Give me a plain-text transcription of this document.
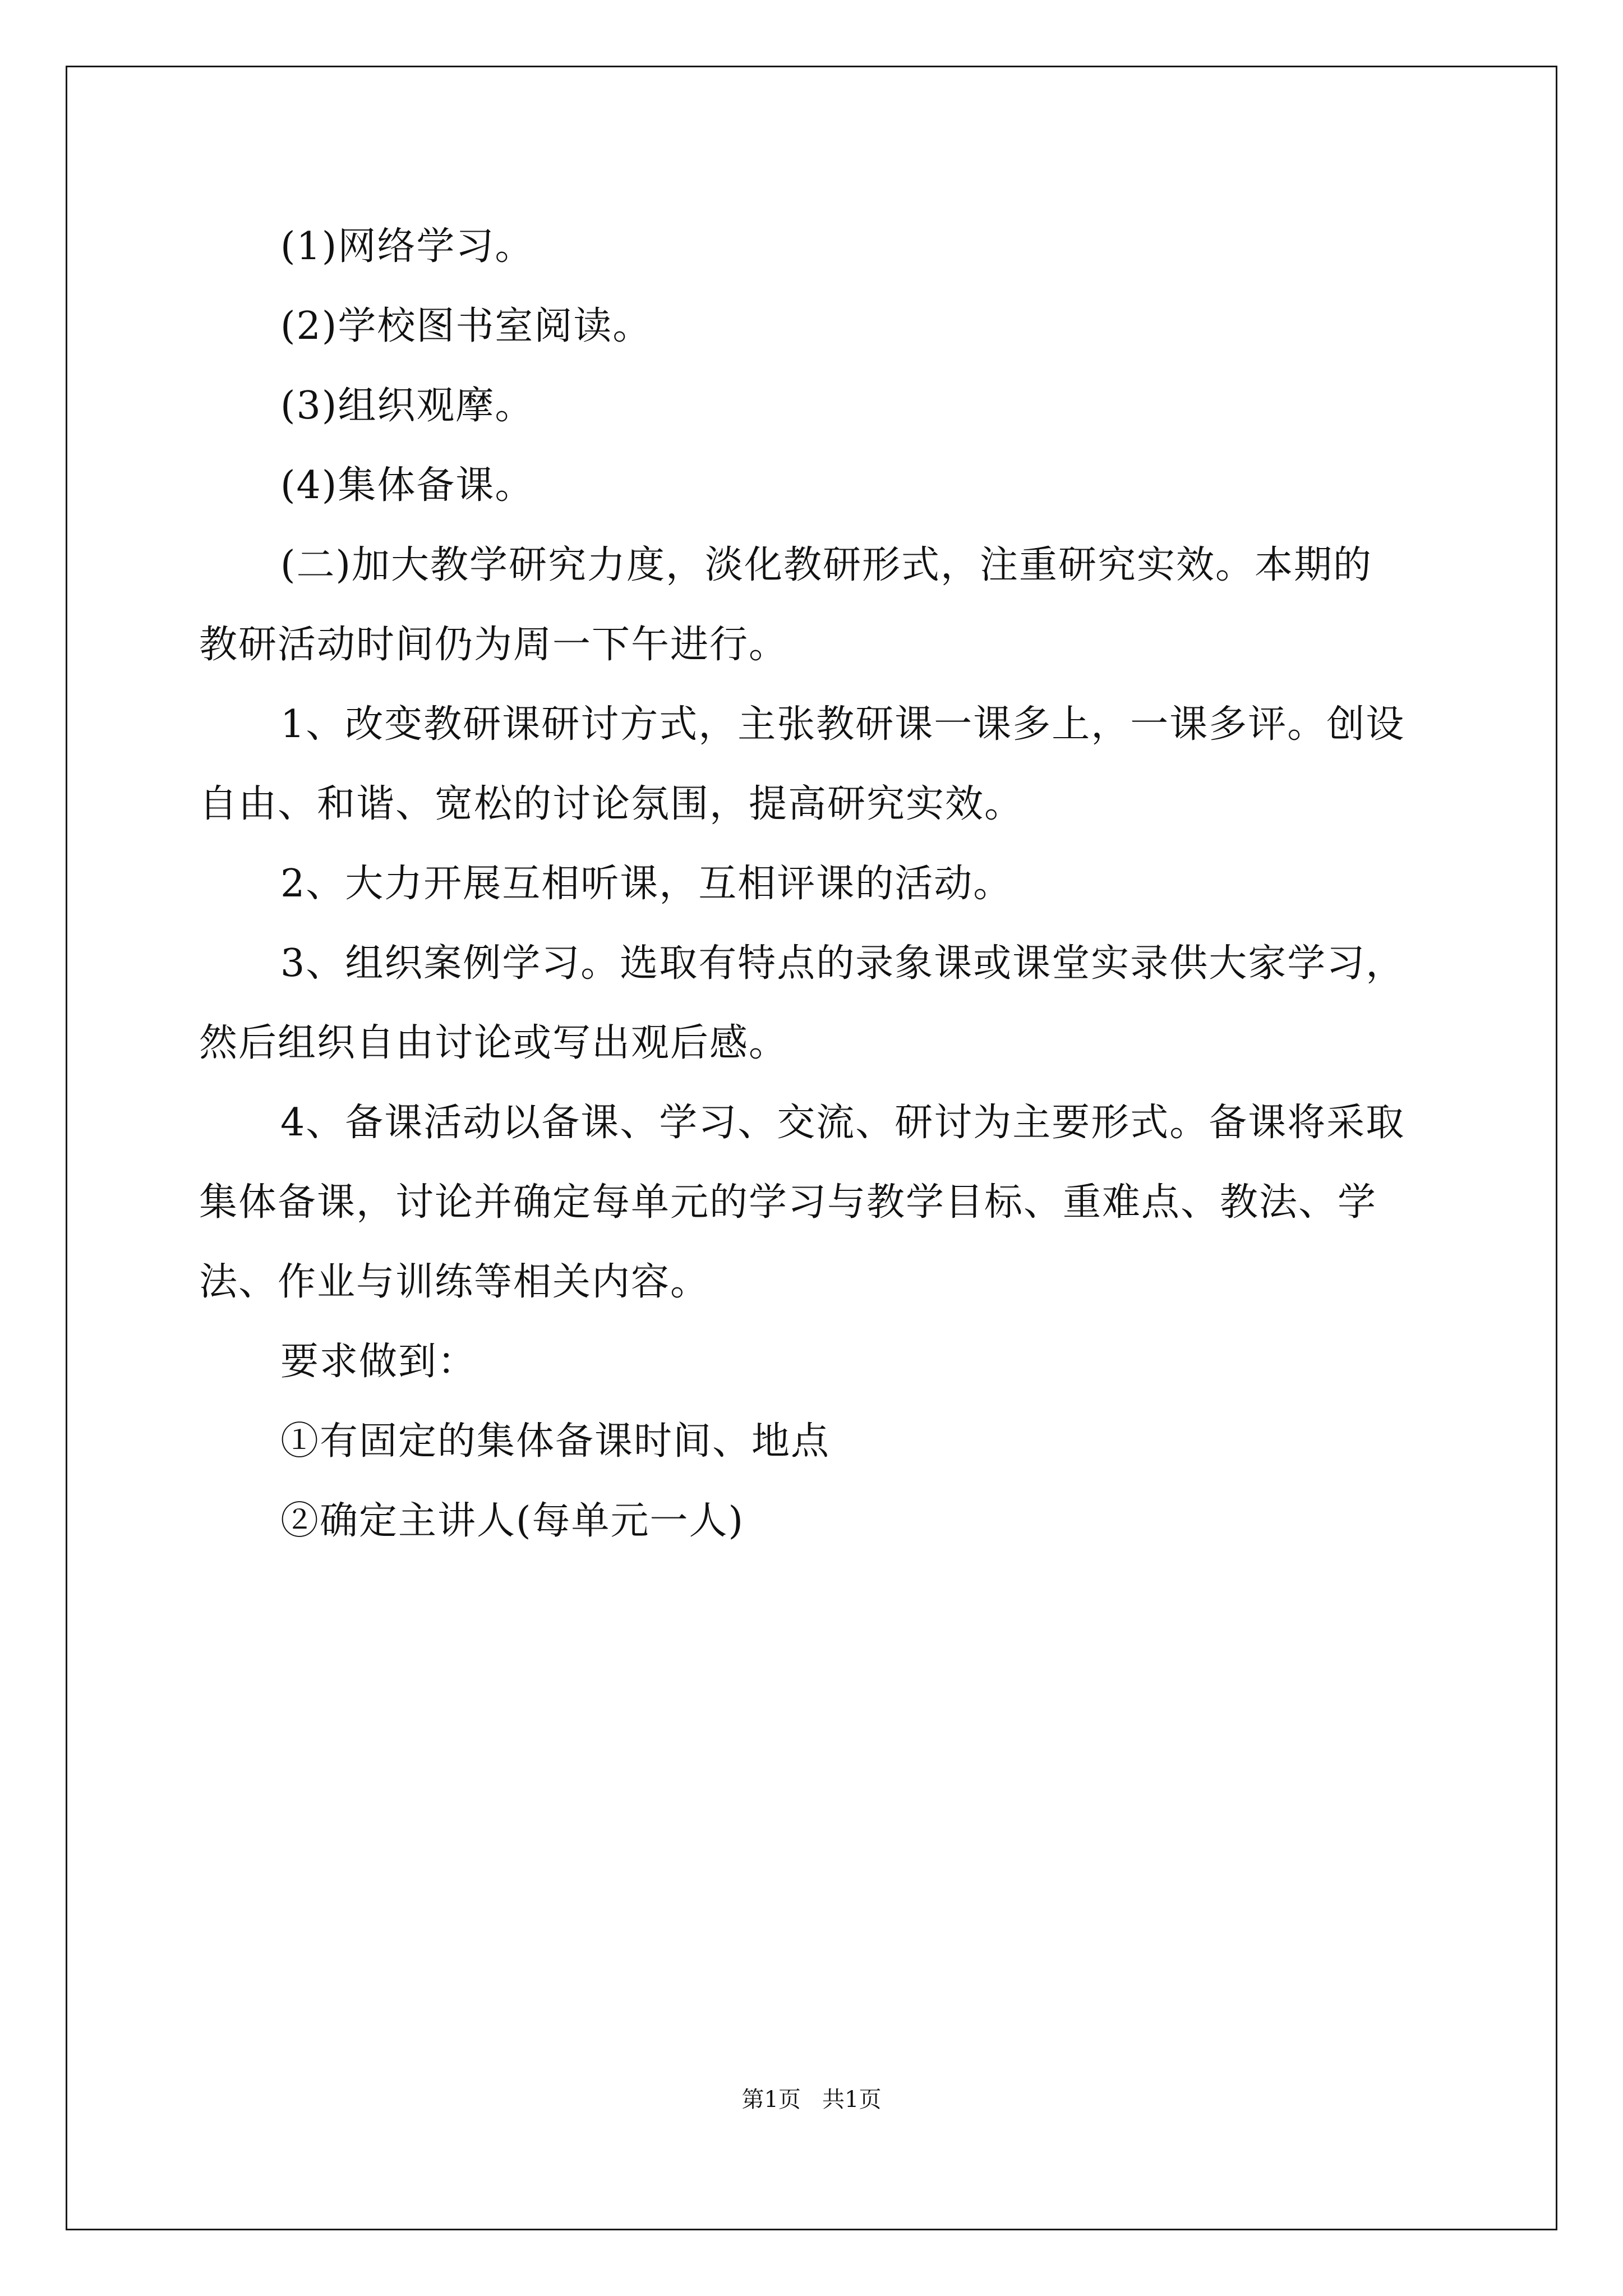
(1)网络学习。
(2)学校图书室阅读。
(3)组织观摩。
(4)集体备课。
(二)加大教学研究力度，淡化教研形式，注重研究实效。本期的
教研活动时间仍为周一下午进行。
1、改变教研课研讨方式，主张教研课一课多上，一课多评。创设
自由、和谐、宽松的讨论氛围，提高研究实效。
2、大力开展互相听课，互相评课的活动。
3、组织案例学习。选取有特点的录象课或课堂实录供大家学习，
然后组织自由讨论或写出观后感。
4、备课活动以备课、学习、交流、研讨为主要形式。备课将采取
集体备课，讨论并确定每单元的学习与教学目标、重难点、教法、学
法、作业与训练等相关内容。
要求做到：
①有固定的集体备课时间、地点
②确定主讲人(每单元一人)
第1页   共1页
